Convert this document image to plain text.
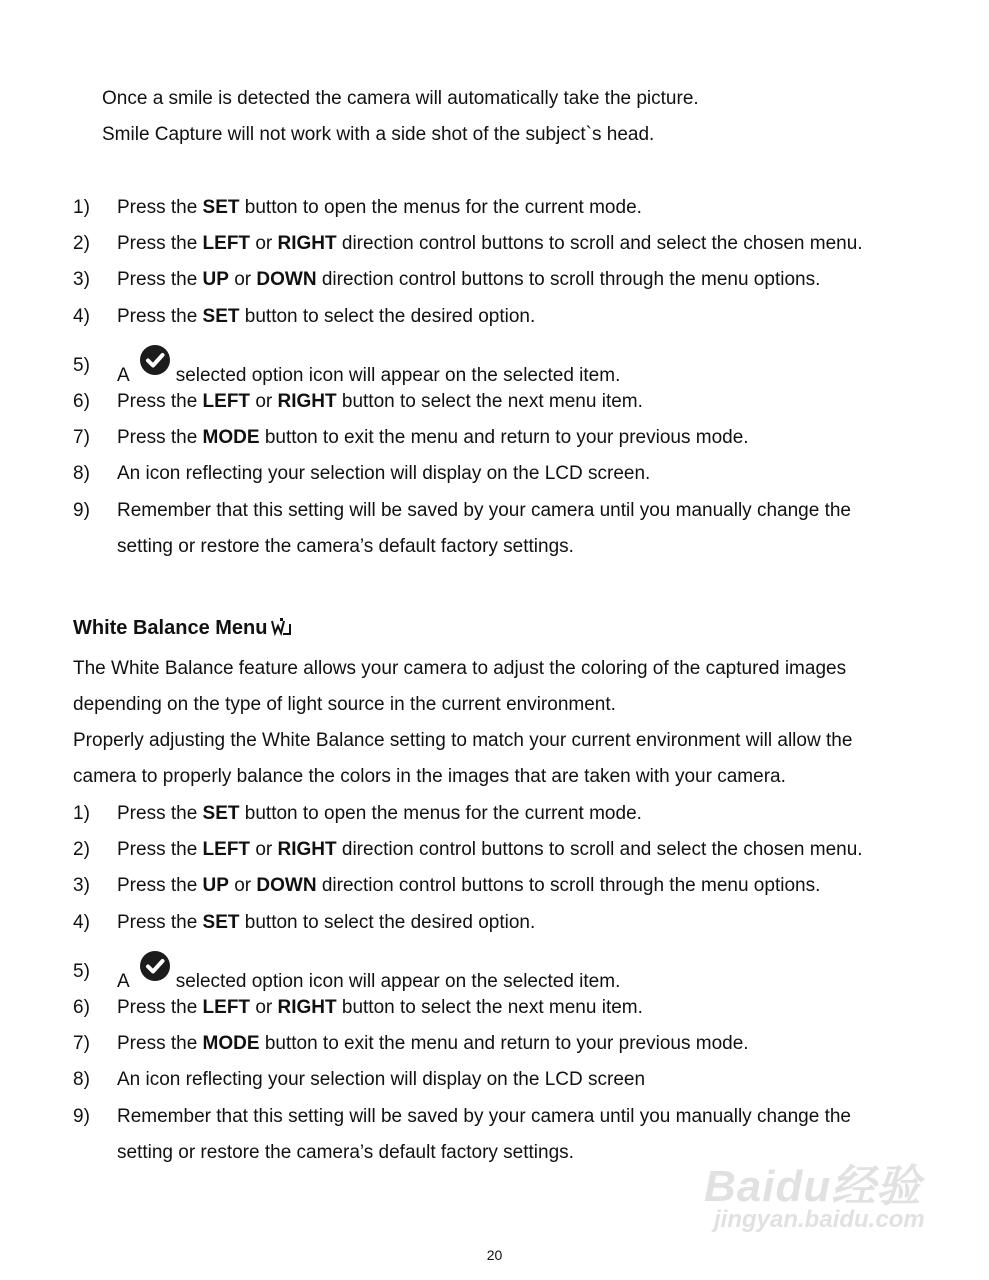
Once a smile is detected the camera will automatically take the picture.
Smile Capture will not work with a side shot of the subject`s head.
1)	Press the SET button to open the menus for the current mode.
2)	Press the LEFT or RIGHT direction control buttons to scroll and select the chosen menu.
3)	Press the UP or DOWN direction control buttons to scroll through the menu options.
4)	Press the SET button to select the desired option.
5)	A selected option icon will appear on the selected item.
6)	Press the LEFT or RIGHT button to select the next menu item.
7)	Press the MODE button to exit the menu and return to your previous mode.
8)	An icon reflecting your selection will display on the LCD screen.
9)	Remember that this setting will be saved by your camera until you manually change the
setting or restore the camera’s default factory settings.
White Balance Menu
The White Balance feature allows your camera to adjust the coloring of the captured images
depending on the type of light source in the current environment.
Properly adjusting the White Balance setting to match your current environment will allow the
camera to properly balance the colors in the images that are taken with your camera.
1)	Press the SET button to open the menus for the current mode.
2)	Press the LEFT or RIGHT direction control buttons to scroll and select the chosen menu.
3)	Press the UP or DOWN direction control buttons to scroll through the menu options.
4)	Press the SET button to select the desired option.
5)	A selected option icon will appear on the selected item.
6)	Press the LEFT or RIGHT button to select the next menu item.
7)	Press the MODE button to exit the menu and return to your previous mode.
8)	An icon reflecting your selection will display on the LCD screen
9)	Remember that this setting will be saved by your camera until you manually change the
setting or restore the camera’s default factory settings.
Baidu经验
jingyan.baidu.com
20
